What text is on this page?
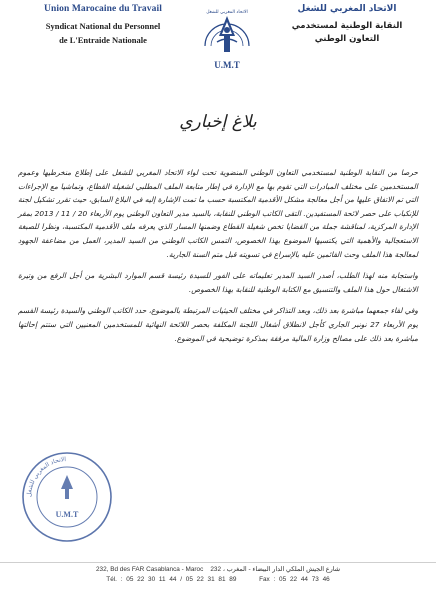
Union Marocaine du Travail
Syndicat National du Personnel
de L'Entraide Nationale
U.M.T
الاتحاد المغربي للشغل	الاتحاد المغربي للشغل
النقابة الوطنية لمستخدمي
التعاون الوطني
بلاغ إخباري

حرصا من النقابة الوطنية لمستخدمي التعاون الوطني المنضوية تحت لواء الاتحاد المغربي للشغل على إطلاع منخرطيها وعموم المستخدمين على مختلف المبادرات التي تقوم بها مع الإدارة في إطار متابعة الملف المطلبي لشغيلة القطاع، وتماشيا مع الإجراءات التي تم الاتفاق عليها من أجل معالجة مشكل الأقدمية المكتسبة حسب ما تمت الإشارة إليه في البلاغ السابق، حيث تقرر تشكيل لجنة للإنكباب على حصر لائحة المستفيدين. التقى الكاتب الوطني للنقابة، بالسيد مدير التعاون الوطني يوم الأربعاء 20 / 11 / 2013 بمقر الإدارة المركزية، لمناقشة جملة من القضايا تخص شغيلة القطاع وضمنها المسار الذي يعرفه ملف الأقدمية المكتسبة، ونظرا للصبغة الاستعجالية والأهمية التي يكتسيها الموضوع بهذا الخصوص، التمس الكاتب الوطني من السيد المدير، العمل من مضاعفة الجهود لمعالجة هذا الملف وحث القائمين عليه بالإسراع في تسويته قبل متم السنة الجارية.

واستجابة منه لهذا الطلب، أصدر السيد المدير تعليماته على الفور للسيدة رئيسة قسم الموارد البشرية من أجل الرفع من وتيرة الاشتغال حول هذا الملف والتنسيق مع الكتابة الوطنية للنقابة بهذا الخصوص.

وفي لقاء جمعهما مباشرة بعد ذلك، وبعد التذاكر في مختلف الحيثيات المرتبطة بالموضوع، حدد الكاتب الوطني والسيدة رئيسة القسم يوم الأربعاء 27 نونبر الجاري كأجل لانطلاق أشغال اللجنة المكلفة بحصر اللائحة النهائية للمستخدمين المعنيين التي ستتم إحالتها مباشرة بعد ذلك على مصالح وزارة المالية مرفقة بمذكرة توضيحية في الموضوع.

الاتحاد المغربي للشغل
U.M.T
232, Bd des FAR Casablanca - Maroc 232 ، شارع الجيش الملكي الدار البيضاء - المغرب
Tél. : 05 22 30 11 44 / 05 22 31 81 89	Fax : 05 22 44 73 46
